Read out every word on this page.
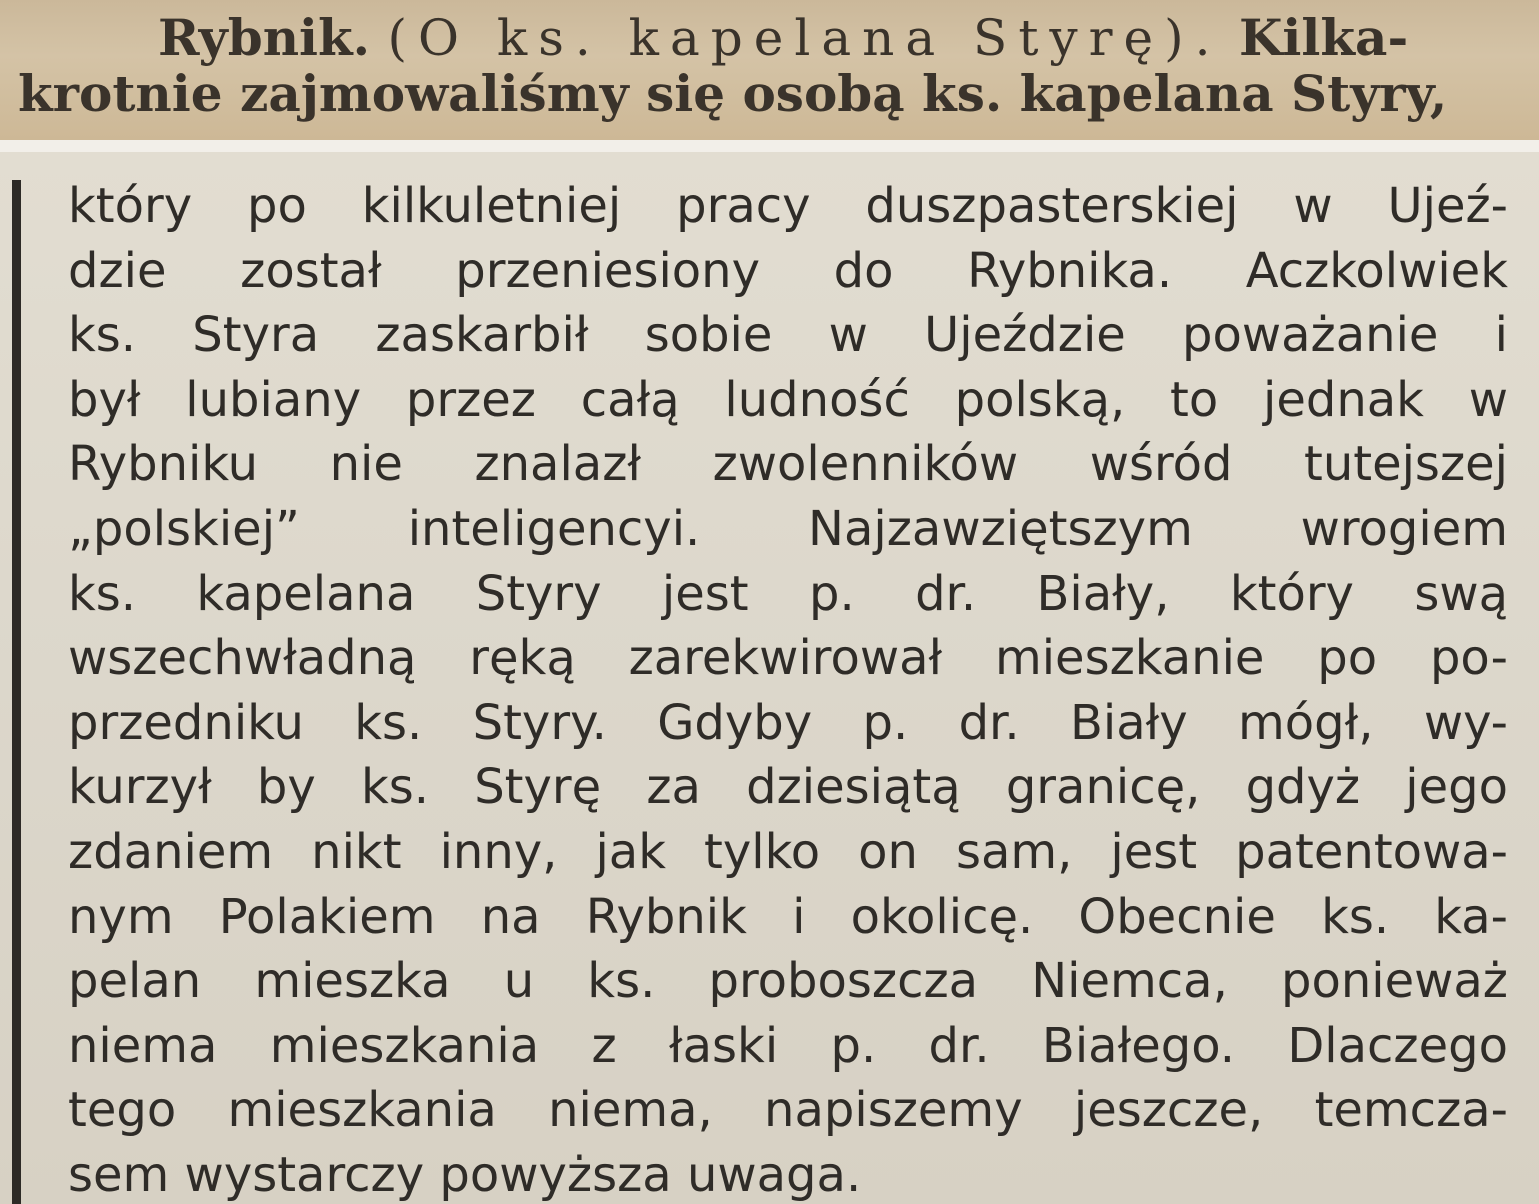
Rybnik. (O ks. kapelana Styrę). Kilka-
krotnie zajmowaliśmy się osobą ks. kapelana Styry,
który po kilkuletniej pracy duszpasterskiej w Ujeź-
dzie został przeniesiony do Rybnika. Aczkolwiek
ks. Styra zaskarbił sobie w Ujeździe poważanie i
był lubiany przez całą ludność polską, to jednak w
Rybniku nie znalazł zwolenników wśród tutejszej
„polskiej” inteligencyi. Najzawziętszym wrogiem
ks. kapelana Styry jest p. dr. Biały, który swą
wszechwładną ręką zarekwirował mieszkanie po po-
przedniku ks. Styry. Gdyby p. dr. Biały mógł, wy-
kurzył by ks. Styrę za dziesiątą granicę, gdyż jego
zdaniem nikt inny, jak tylko on sam, jest patentowa-
nym Polakiem na Rybnik i okolicę. Obecnie ks. ka-
pelan mieszka u ks. proboszcza Niemca, ponieważ
niema mieszkania z łaski p. dr. Białego. Dlaczego
tego mieszkania niema, napiszemy jeszcze, temcza-
sem wystarczy powyższa uwaga.
